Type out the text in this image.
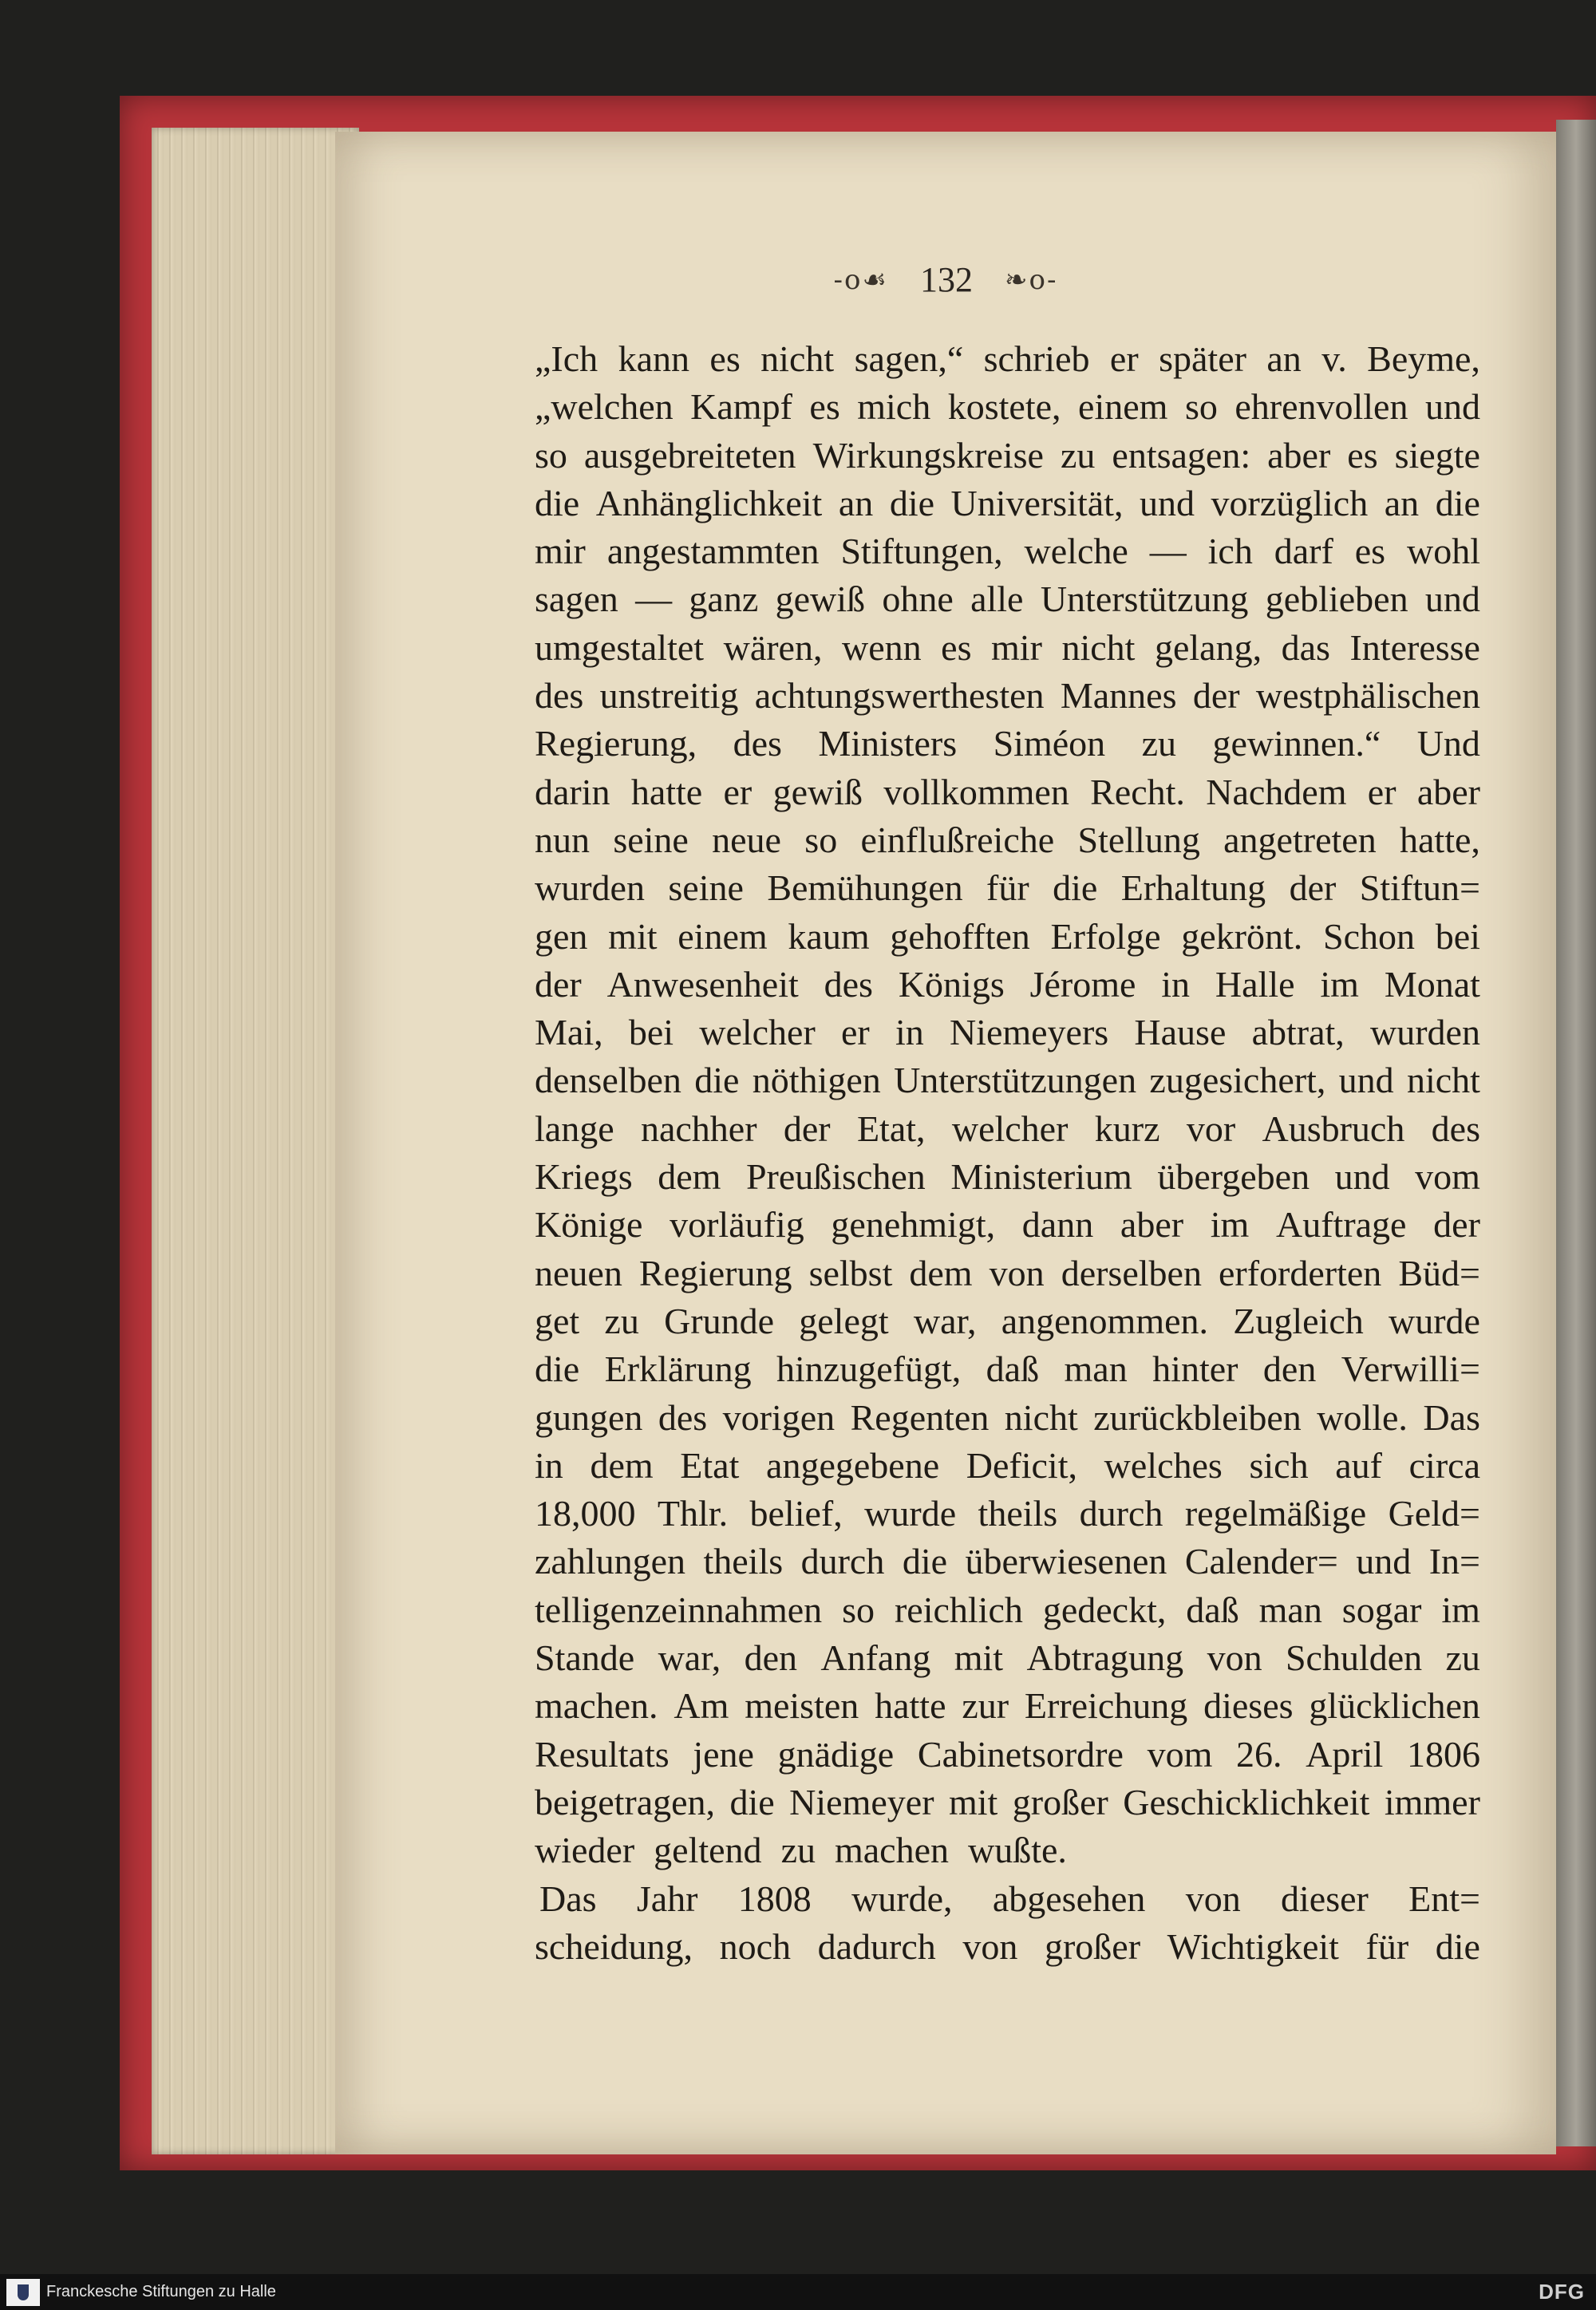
-o☙ 132 ❧o-
„Ich kann es nicht sagen,“ schrieb er später an v. Beyme,
„welchen Kampf es mich kostete, einem so ehrenvollen und
so ausgebreiteten Wirkungskreise zu entsagen: aber es siegte
die Anhänglichkeit an die Universität, und vorzüglich an die
mir angestammten Stiftungen, welche — ich darf es wohl
sagen — ganz gewiß ohne alle Unterstützung geblieben und
umgestaltet wären, wenn es mir nicht gelang, das Interesse
des unstreitig achtungswerthesten Mannes der westphälischen
Regierung, des Ministers Siméon zu gewinnen.“ Und
darin hatte er gewiß vollkommen Recht. Nachdem er aber
nun seine neue so einflußreiche Stellung angetreten hatte,
wurden seine Bemühungen für die Erhaltung der Stiftun=
gen mit einem kaum gehofften Erfolge gekrönt. Schon bei
der Anwesenheit des Königs Jérome in Halle im Monat
Mai, bei welcher er in Niemeyers Hause abtrat, wurden
denselben die nöthigen Unterstützungen zugesichert, und nicht
lange nachher der Etat, welcher kurz vor Ausbruch des
Kriegs dem Preußischen Ministerium übergeben und vom
Könige vorläufig genehmigt, dann aber im Auftrage der
neuen Regierung selbst dem von derselben erforderten Büd=
get zu Grunde gelegt war, angenommen. Zugleich wurde
die Erklärung hinzugefügt, daß man hinter den Verwilli=
gungen des vorigen Regenten nicht zurückbleiben wolle. Das
in dem Etat angegebene Deficit, welches sich auf circa
18,000 Thlr. belief, wurde theils durch regelmäßige Geld=
zahlungen theils durch die überwiesenen Calender= und In=
telligenzeinnahmen so reichlich gedeckt, daß man sogar im
Stande war, den Anfang mit Abtragung von Schulden zu
machen. Am meisten hatte zur Erreichung dieses glücklichen
Resultats jene gnädige Cabinetsordre vom 26. April 1806
beigetragen, die Niemeyer mit großer Geschicklichkeit immer
wieder geltend zu machen wußte.
Das Jahr 1808 wurde, abgesehen von dieser Ent=
scheidung, noch dadurch von großer Wichtigkeit für die
Franckesche Stiftungen zu Halle	DFG
